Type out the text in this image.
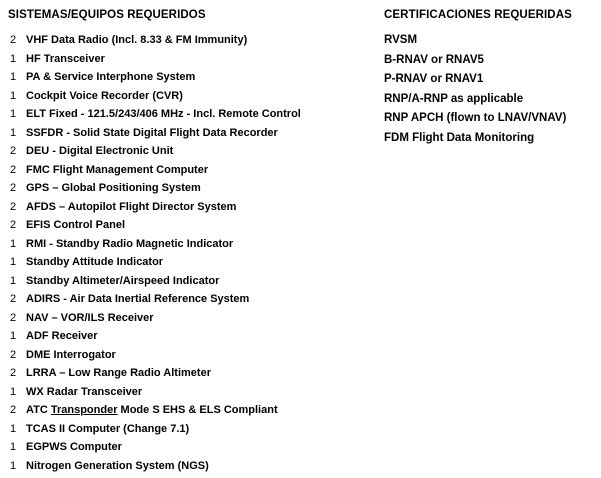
SISTEMAS/EQUIPOS REQUERIDOS
2 VHF Data Radio (Incl. 8.33 & FM Immunity)
1 HF Transceiver
1 PA & Service Interphone System
1 Cockpit Voice Recorder (CVR)
1 ELT Fixed - 121.5/243/406 MHz - Incl. Remote Control
1 SSFDR - Solid State Digital Flight Data Recorder
2 DEU - Digital Electronic Unit
2 FMC Flight Management Computer
2 GPS – Global Positioning System
2 AFDS – Autopilot Flight Director System
2 EFIS Control Panel
1 RMI - Standby Radio Magnetic Indicator
1 Standby Attitude Indicator
1 Standby Altimeter/Airspeed Indicator
2 ADIRS - Air Data Inertial Reference System
2 NAV – VOR/ILS Receiver
1 ADF Receiver
2 DME Interrogator
2 LRRA – Low Range Radio Altimeter
1 WX Radar Transceiver
2 ATC Transponder Mode S EHS & ELS Compliant
1 TCAS II Computer (Change 7.1)
1 EGPWS Computer
1 Nitrogen Generation System (NGS)
CERTIFICACIONES REQUERIDAS
RVSM
B-RNAV or RNAV5
P-RNAV or RNAV1
RNP/A-RNP as applicable
RNP APCH (flown to LNAV/VNAV)
FDM Flight Data Monitoring
